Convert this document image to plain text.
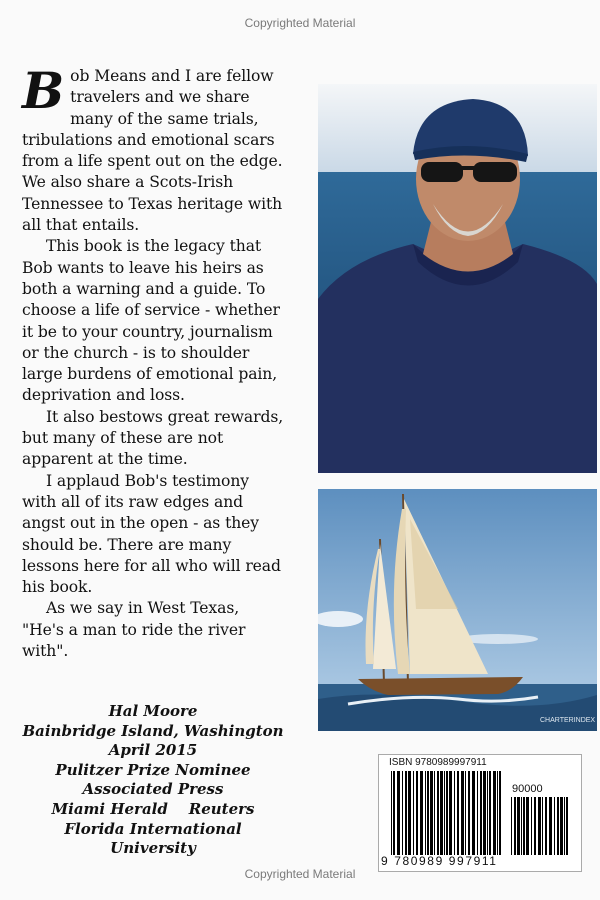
Copyrighted Material

Bob Means and I are fellow travelers and we share many of the same trials, tribulations and emotional scars from a life spent out on the edge. We also share a Scots-Irish Tennessee to Texas heritage with all that entails.

This book is the legacy that Bob wants to leave his heirs as both a warning and a guide. To choose a life of service - whether it be to your country, journalism or the church - is to shoulder large burdens of emotional pain, deprivation and loss.

It also bestows great rewards, but many of these are not apparent at the time.

I applaud Bob's testimony with all of its raw edges and angst out in the open - as they should be. There are many lessons here for all who will read his book.

As we say in West Texas, "He's a man to ride the river with".

Hal Moore
Bainbridge Island, Washington
April 2015
Pulitzer Prize Nominee
Associated Press
Miami Herald    Reuters
Florida International
University
CHARTERINDEX
ISBN 9780989997911
90000
9 780989 997911
Copyrighted Material
